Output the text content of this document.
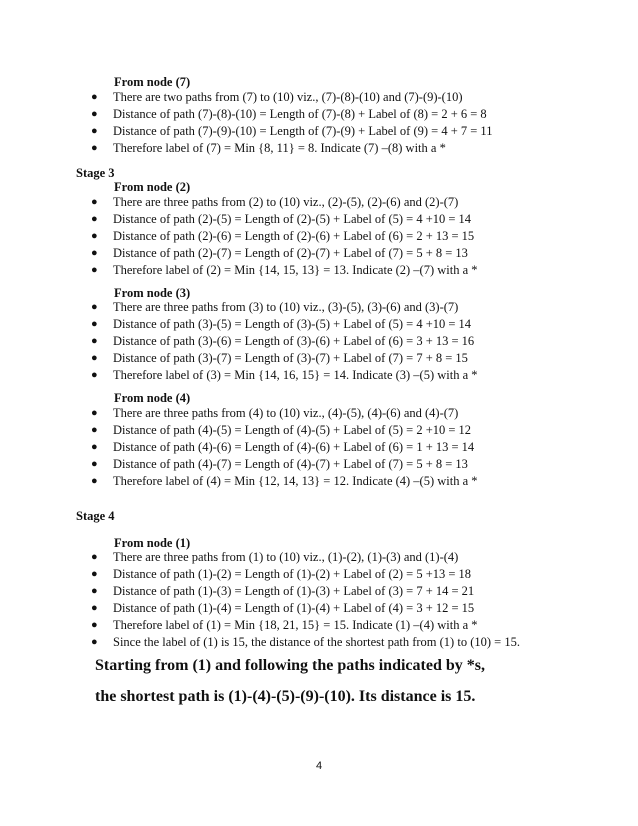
From node (7)
● There are two paths from (7) to (10) viz., (7)-(8)-(10) and (7)-(9)-(10)
● Distance of path (7)-(8)-(10) = Length of (7)-(8) + Label of (8) = 2 + 6 = 8
● Distance of path (7)-(9)-(10) = Length of (7)-(9) + Label of (9) = 4 + 7 = 11
● Therefore label of (7) = Min {8, 11} = 8. Indicate (7) –(8) with a *
Stage 3
From node (2)
● There are three paths from (2) to (10) viz., (2)-(5), (2)-(6) and (2)-(7)
● Distance of path (2)-(5) = Length of (2)-(5) + Label of (5) = 4 +10 = 14
● Distance of path (2)-(6) = Length of (2)-(6) + Label of (6) = 2 + 13 = 15
● Distance of path (2)-(7) = Length of (2)-(7) + Label of (7) = 5 + 8 = 13
● Therefore label of (2) = Min {14, 15, 13} = 13. Indicate (2) –(7) with a *
From node (3)
● There are three paths from (3) to (10) viz., (3)-(5), (3)-(6) and (3)-(7)
● Distance of path (3)-(5) = Length of (3)-(5) + Label of (5) = 4 +10 = 14
● Distance of path (3)-(6) = Length of (3)-(6) + Label of (6) = 3 + 13 = 16
● Distance of path (3)-(7) = Length of (3)-(7) + Label of (7) = 7 + 8 = 15
● Therefore label of (3) = Min {14, 16, 15} = 14. Indicate (3) –(5) with a *
From node (4)
● There are three paths from (4) to (10) viz., (4)-(5), (4)-(6) and (4)-(7)
● Distance of path (4)-(5) = Length of (4)-(5) + Label of (5) = 2 +10 = 12
● Distance of path (4)-(6) = Length of (4)-(6) + Label of (6) = 1 + 13 = 14
● Distance of path (4)-(7) = Length of (4)-(7) + Label of (7) = 5 + 8 = 13
● Therefore label of (4) = Min {12, 14, 13} = 12. Indicate (4) –(5) with a *
Stage 4
From node (1)
● There are three paths from (1) to (10) viz., (1)-(2), (1)-(3) and (1)-(4)
● Distance of path (1)-(2) = Length of (1)-(2) + Label of (2) = 5 +13 = 18
● Distance of path (1)-(3) = Length of (1)-(3) + Label of (3) = 7 + 14 = 21
● Distance of path (1)-(4) = Length of (1)-(4) + Label of (4) = 3 + 12 = 15
● Therefore label of (1) = Min {18, 21, 15} = 15. Indicate (1) –(4) with a *
● Since the label of (1) is 15, the distance of the shortest path from (1) to (10) = 15.
Starting from (1) and following the paths indicated by *s,
the shortest path is (1)-(4)-(5)-(9)-(10). Its distance is 15.
4
